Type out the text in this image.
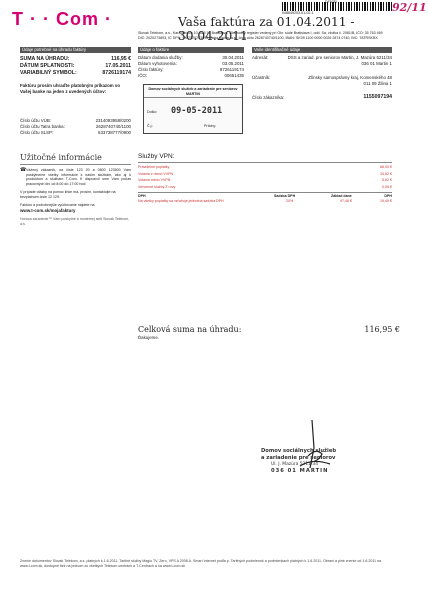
T · · Com ·
DF53FI
048649203-01-02-1	92/11
Vaša faktúra za 01.04.2011 - 30.04.2011
Slovak Telekom, a.s., Karadžičova 10, 825 13 Bratislava, Obchodný register vedený pri Okr. súde Bratislava I, odd. Sa, vložka č. 2081/B, IČO: 35 763 469
DIČ: 2020273893, IČ DPH: SK 2020273893, Tatra banka, a.s., číslo účtu 2628740740/1100, IBAN: SK09 1100 0000 0026 2874 0740, BIC: TATRSKBX
Údaje potrebné na úhradu faktúry
SUMA NA ÚHRADU:	116,95 €
DÁTUM SPLATNOSTI:	17.05.2011
VARIABILNÝ SYMBOL:	8726119174
Faktúru prosím uhraďte platobným príkazom vo Vašej banke na jeden z uvedených účtov:
Číslo účtu VÚB:	2314093958/0200
Číslo účtu Tatra banka:	2628740740/1100
Číslo účtu SLSP:	633738777/0900
Údaje o faktúre
Dátum dodania služby:	30.04.2011
Dátum vyhotovenia:	03.05.2011
Číslo faktúry:	8726119174
IČO:	00651435
Domov sociálnych služieb a zariadenie pre seniorov
MARTIN
Došlo: 09-05-2011
Č.j.:	Prílohy:
Vaše identifikačné údaje
Adresát:	DSS a zariad. pre seniorov Martin, J. Mazúra 5211/34
036 01 Martin 1
Účastník:	Zlínsky samosprávny kraj, Komenského 48
011 09 Žilina 1
Číslo zákazníka:	1155097194
Užitočné informácie
Vážený zákazník, na čísle 123 20 a 0800 123500 Vám poskytneme všetky informácie k našim službám, ako aj k produktom a službám T-Com. K dispozícii sme Vám počas pracovných dní od 8:00 do 17:00 hod.
V prípade otázky na pomoc linke má, prosím, kontaktujte na bezplatnom čísle 12 129.
Faktúru a podrobnejšie vyúčtovanie nájdete na
www.t-com.sk/mojafaktury
Horúca zaradenie™ Vám poskytne a modernej sieti Slovak Telekom, a.s.
☎
Služby VPN:
Pravidelné poplatky	68,00 €
Volania v rámci VVPN	34,52 €
Volania mimo VVPN	5,62 €
Vervenné služby Z rovy	0,06 €
DPH	Sadzba DPH	Základ dane	DPH
Na všetky poplatky sa vzťahuje jednotná sadzba DPH	20%	97,46 €	19,49 €
Celková suma na úhradu:	116,95 €
Ďakujeme.
Domov sociálnych služieb
a zariadenie pre seniorov
Ul. J. Mazúra 5211/34
036 01 MARTIN
Znenie dokumentov Slovak Telekom, a.s. platných k 1.6.2011. Tarifné služby Magio TV, Zero, VPS A 2008 A. Smart Internet podľa p. Tarifných podmienok a podmienkach platných k 1.6.2011. Obraní a plné znenie od 1.6.2011 na www.t-com.sk, dostupné tiež na jednom zo všetkých Telekom centrách a T-Centrách a na www.t-com.sk
